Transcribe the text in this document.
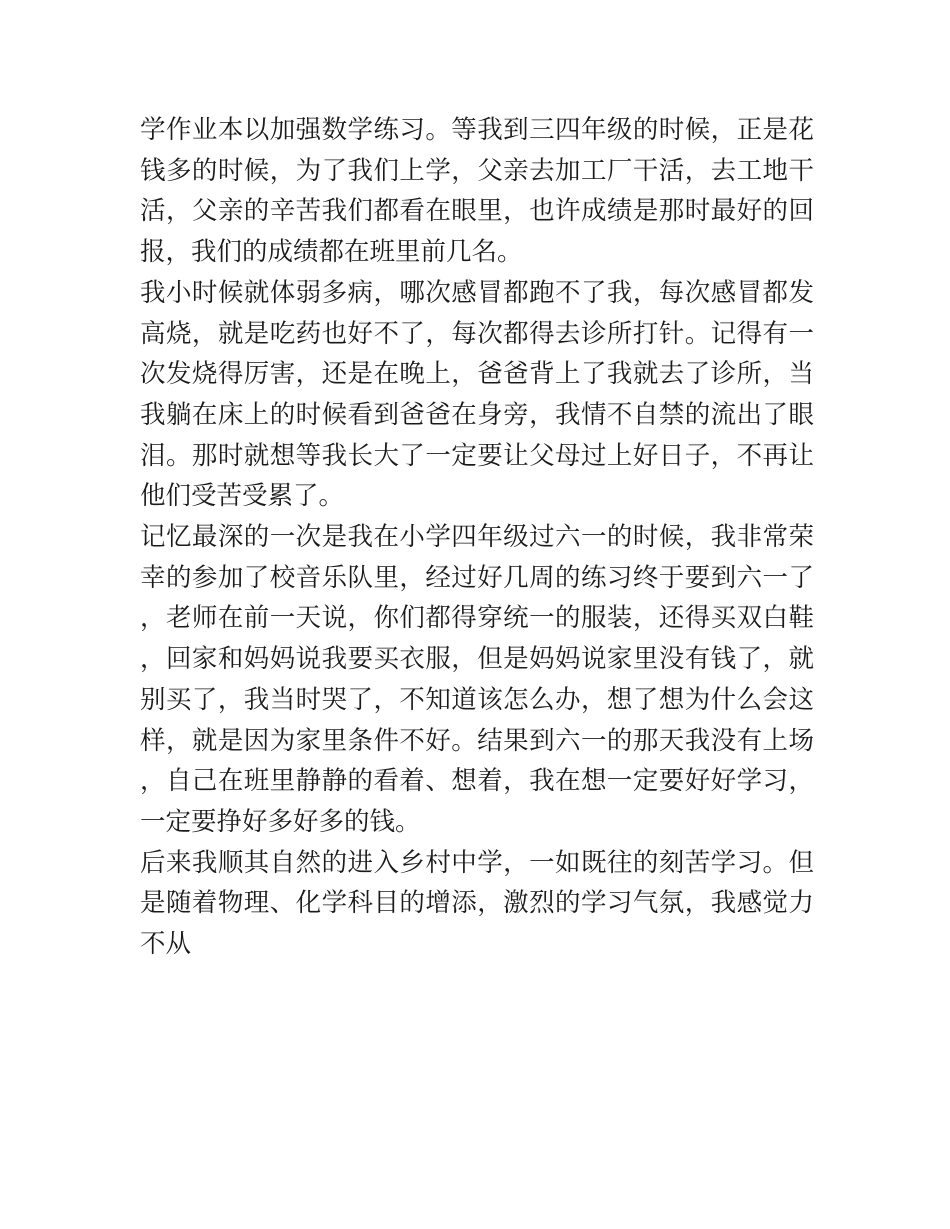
学作业本以加强数学练习。等我到三四年级的时候，正是花钱多的时候，为了我们上学，父亲去加工厂干活，去工地干活，父亲的辛苦我们都看在眼里，也许成绩是那时最好的回报，我们的成绩都在班里前几名。

我小时候就体弱多病，哪次感冒都跑不了我，每次感冒都发高烧，就是吃药也好不了，每次都得去诊所打针。记得有一次发烧得厉害，还是在晚上，爸爸背上了我就去了诊所，当我躺在床上的时候看到爸爸在身旁，我情不自禁的流出了眼泪。那时就想等我长大了一定要让父母过上好日子，不再让他们受苦受累了。

记忆最深的一次是我在小学四年级过六一的时候，我非常荣幸的参加了校音乐队里，经过好几周的练习终于要到六一了，老师在前一天说，你们都得穿统一的服装，还得买双白鞋，回家和妈妈说我要买衣服，但是妈妈说家里没有钱了，就别买了，我当时哭了，不知道该怎么办，想了想为什么会这样，就是因为家里条件不好。结果到六一的那天我没有上场，自己在班里静静的看着、想着，我在想一定要好好学习，一定要挣好多好多的钱。

后来我顺其自然的进入乡村中学，一如既往的刻苦学习。但是随着物理、化学科目的增添，激烈的学习气氛，我感觉力不从
